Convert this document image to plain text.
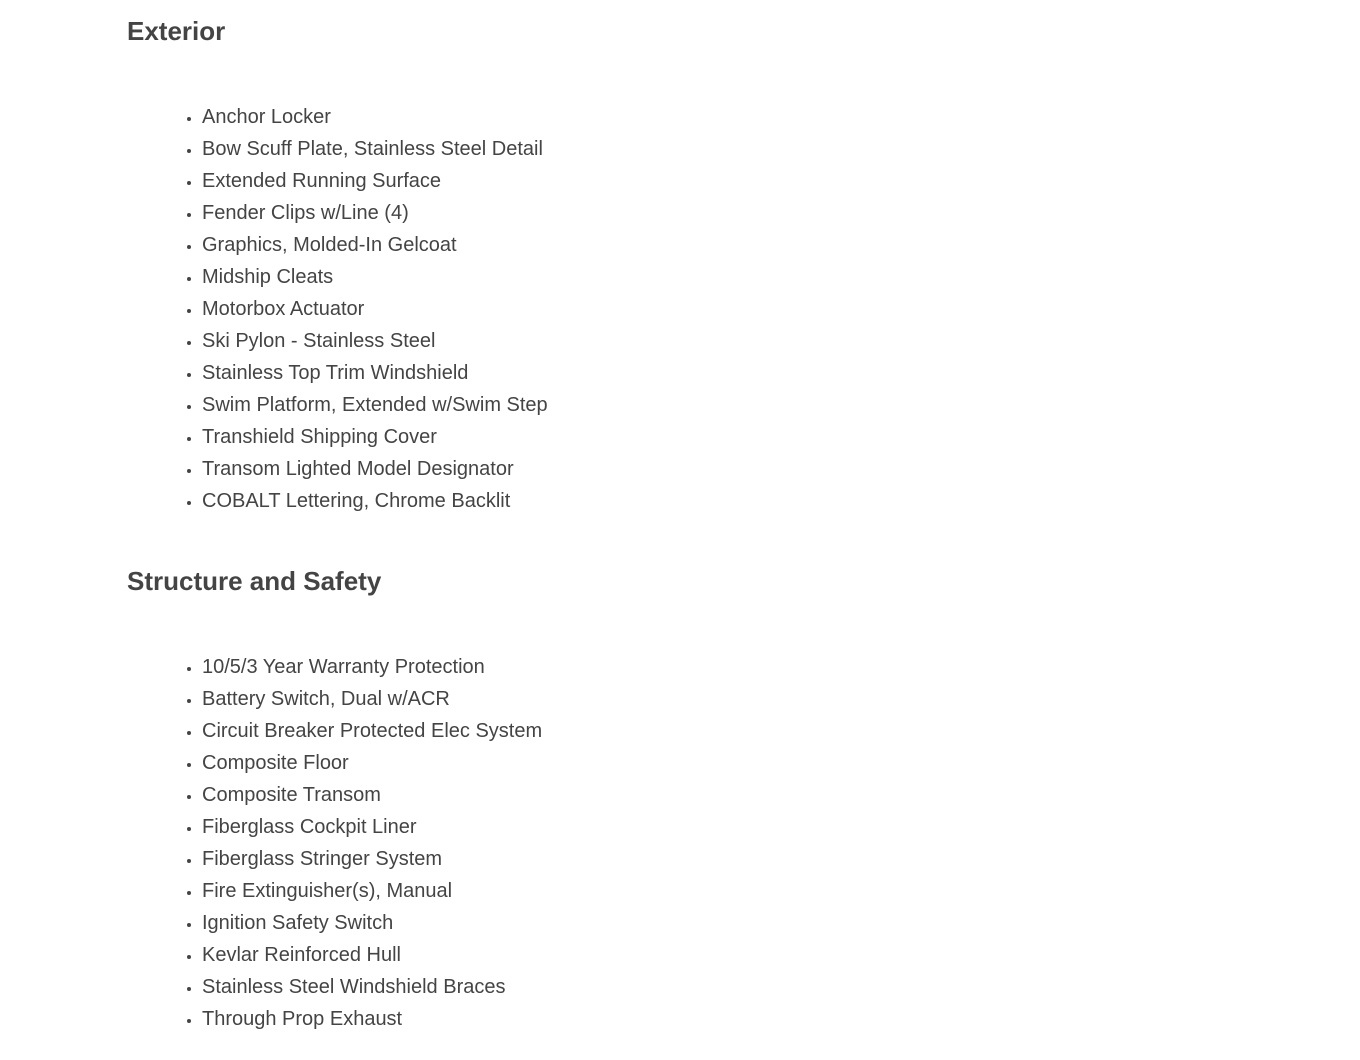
Exterior
• Anchor Locker
• Bow Scuff Plate, Stainless Steel Detail
• Extended Running Surface
• Fender Clips w/Line (4)
• Graphics, Molded-In Gelcoat
• Midship Cleats
• Motorbox Actuator
• Ski Pylon - Stainless Steel
• Stainless Top Trim Windshield
• Swim Platform, Extended w/Swim Step
• Transhield Shipping Cover
• Transom Lighted Model Designator
• COBALT Lettering, Chrome Backlit
Structure and Safety
• 10/5/3 Year Warranty Protection
• Battery Switch, Dual w/ACR
• Circuit Breaker Protected Elec System
• Composite Floor
• Composite Transom
• Fiberglass Cockpit Liner
• Fiberglass Stringer System
• Fire Extinguisher(s), Manual
• Ignition Safety Switch
• Kevlar Reinforced Hull
• Stainless Steel Windshield Braces
• Through Prop Exhaust
